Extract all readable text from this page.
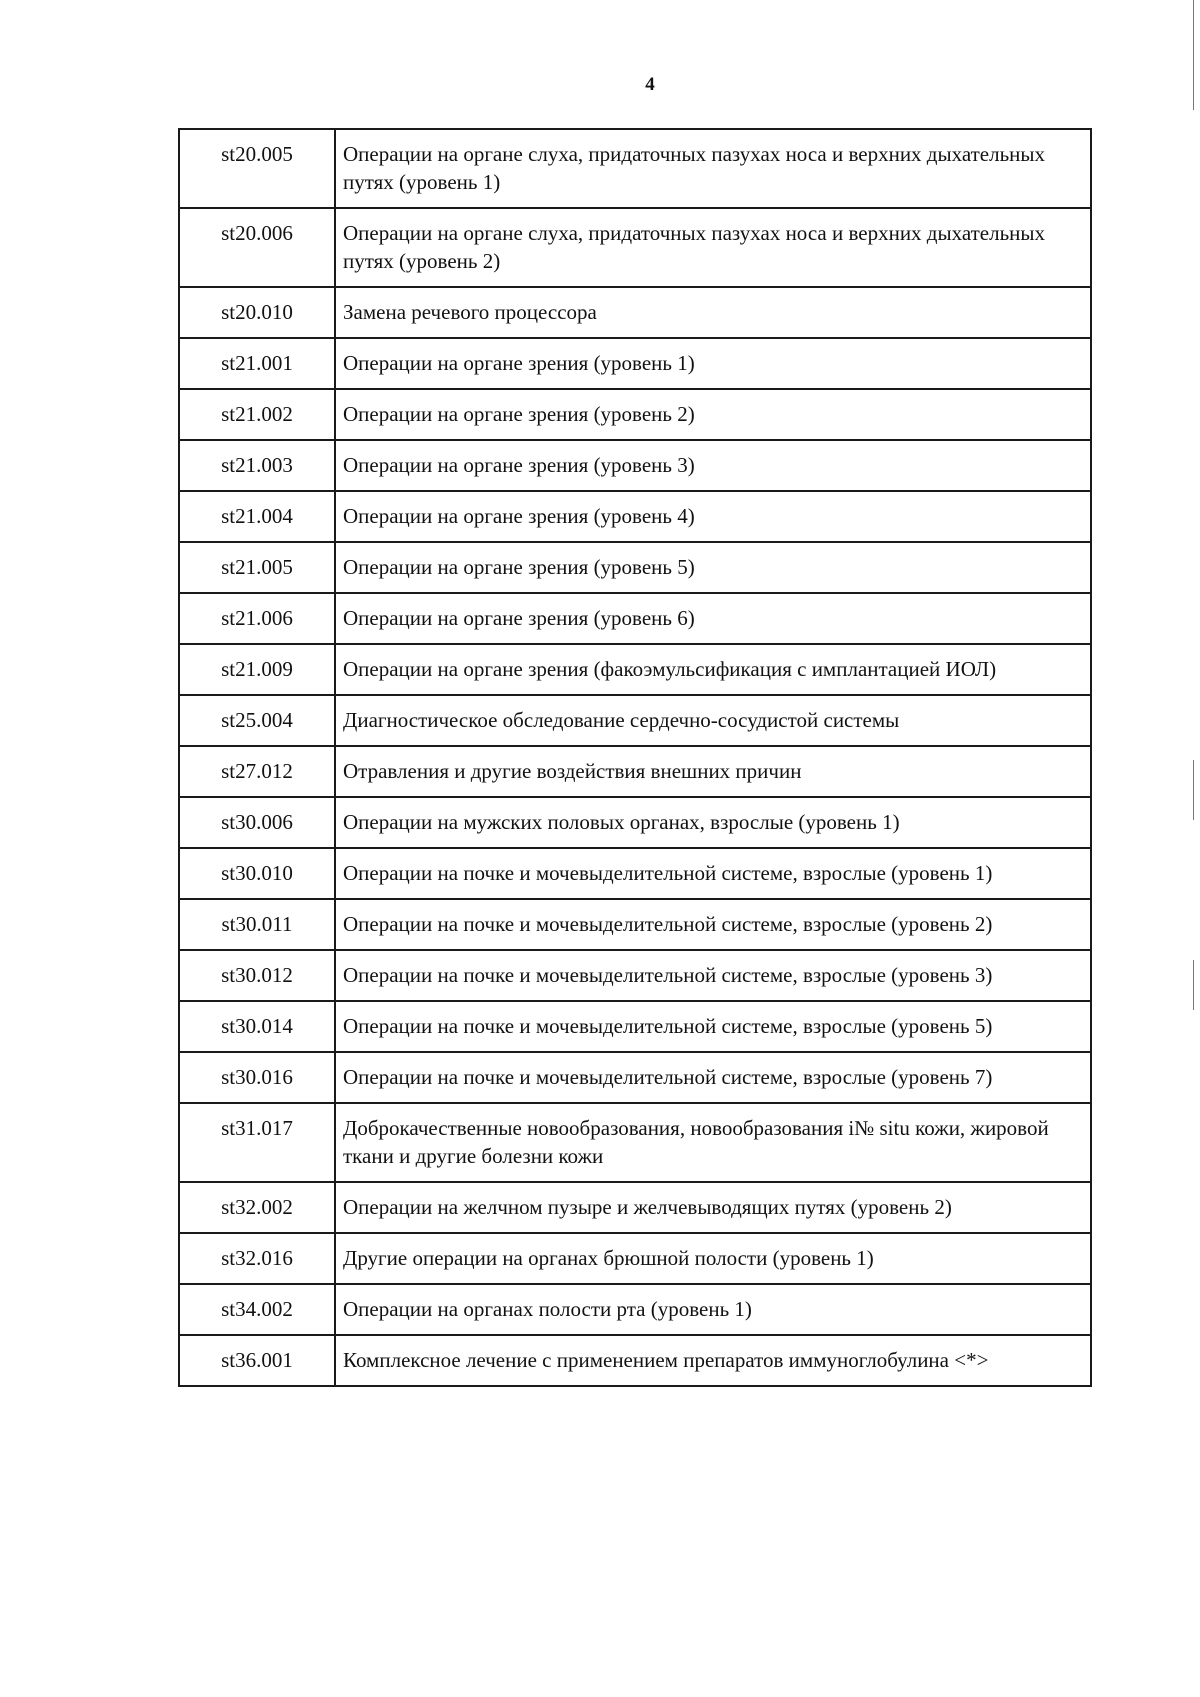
4
st20.005	Операции на органе слуха, придаточных пазухах носа и верхних дыхательных путях (уровень 1)
st20.006	Операции на органе слуха, придаточных пазухах носа и верхних дыхательных путях (уровень 2)
st20.010	Замена речевого процессора
st21.001	Операции на органе зрения (уровень 1)
st21.002	Операции на органе зрения (уровень 2)
st21.003	Операции на органе зрения (уровень 3)
st21.004	Операции на органе зрения (уровень 4)
st21.005	Операции на органе зрения (уровень 5)
st21.006	Операции на органе зрения (уровень 6)
st21.009	Операции на органе зрения (факоэмульсификация с имплантацией ИОЛ)
st25.004	Диагностическое обследование сердечно-сосудистой системы
st27.012	Отравления и другие воздействия внешних причин
st30.006	Операции на мужских половых органах, взрослые (уровень 1)
st30.010	Операции на почке и мочевыделительной системе, взрослые (уровень 1)
st30.011	Операции на почке и мочевыделительной системе, взрослые (уровень 2)
st30.012	Операции на почке и мочевыделительной системе, взрослые (уровень 3)
st30.014	Операции на почке и мочевыделительной системе, взрослые (уровень 5)
st30.016	Операции на почке и мочевыделительной системе, взрослые (уровень 7)
st31.017	Доброкачественные новообразования, новообразования i№ situ кожи, жировой ткани и другие болезни кожи
st32.002	Операции на желчном пузыре и желчевыводящих путях (уровень 2)
st32.016	Другие операции на органах брюшной полости (уровень 1)
st34.002	Операции на органах полости рта (уровень 1)
st36.001	Комплексное лечение с применением препаратов иммуноглобулина <*>
